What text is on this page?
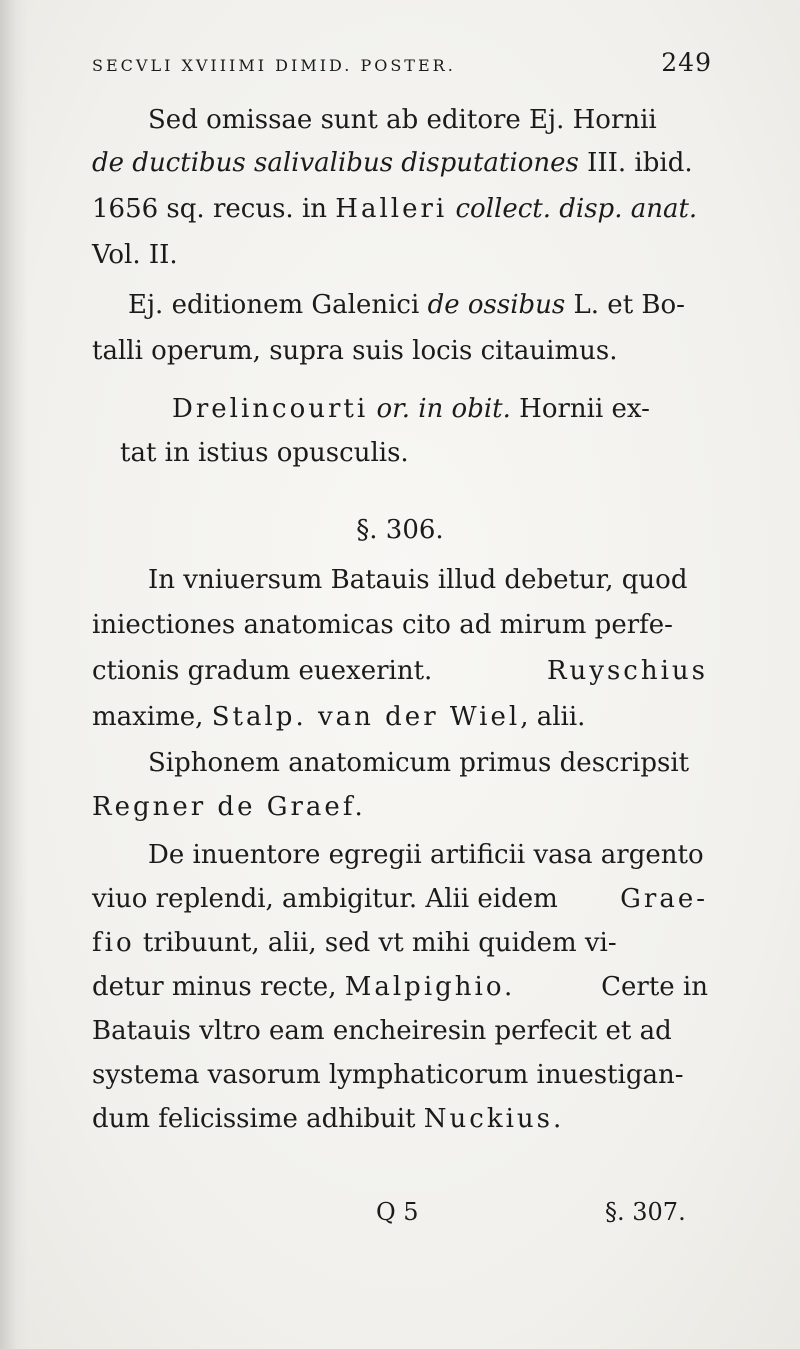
SECVLI XVIIIMI DIMID. POSTER.	249
Sed omissae sunt ab editore Ej. Hornii
de ductibus salivalibus disputationes III. ibid.
1656 sq. recus. in Halleri collect. disp. anat.
Vol. II.
Ej. editionem Galenici de ossibus L. et Bo-
talli operum, supra suis locis citauimus.
Drelincourti or. in obit. Hornii ex-
tat in istius opusculis.
§. 306.
In vniuersum Batauis illud debetur, quod
iniectiones anatomicas cito ad mirum perfe-
ctionis gradum euexerint.	Ruyschius
maxime, Stalp. van der Wiel, alii.
Siphonem anatomicum primus descripsit
Regner de Graef.
De inuentore egregii artificii vasa argento
viuo replendi, ambigitur. Alii eidem Grae-
fio tribuunt, alii, sed vt mihi quidem vi-
detur minus recte, Malpighio.	Certe in
Batauis vltro eam encheiresin perfecit et ad
systema vasorum lymphaticorum inuestigan-
dum felicissime adhibuit Nuckius.
Q 5	§. 307.
